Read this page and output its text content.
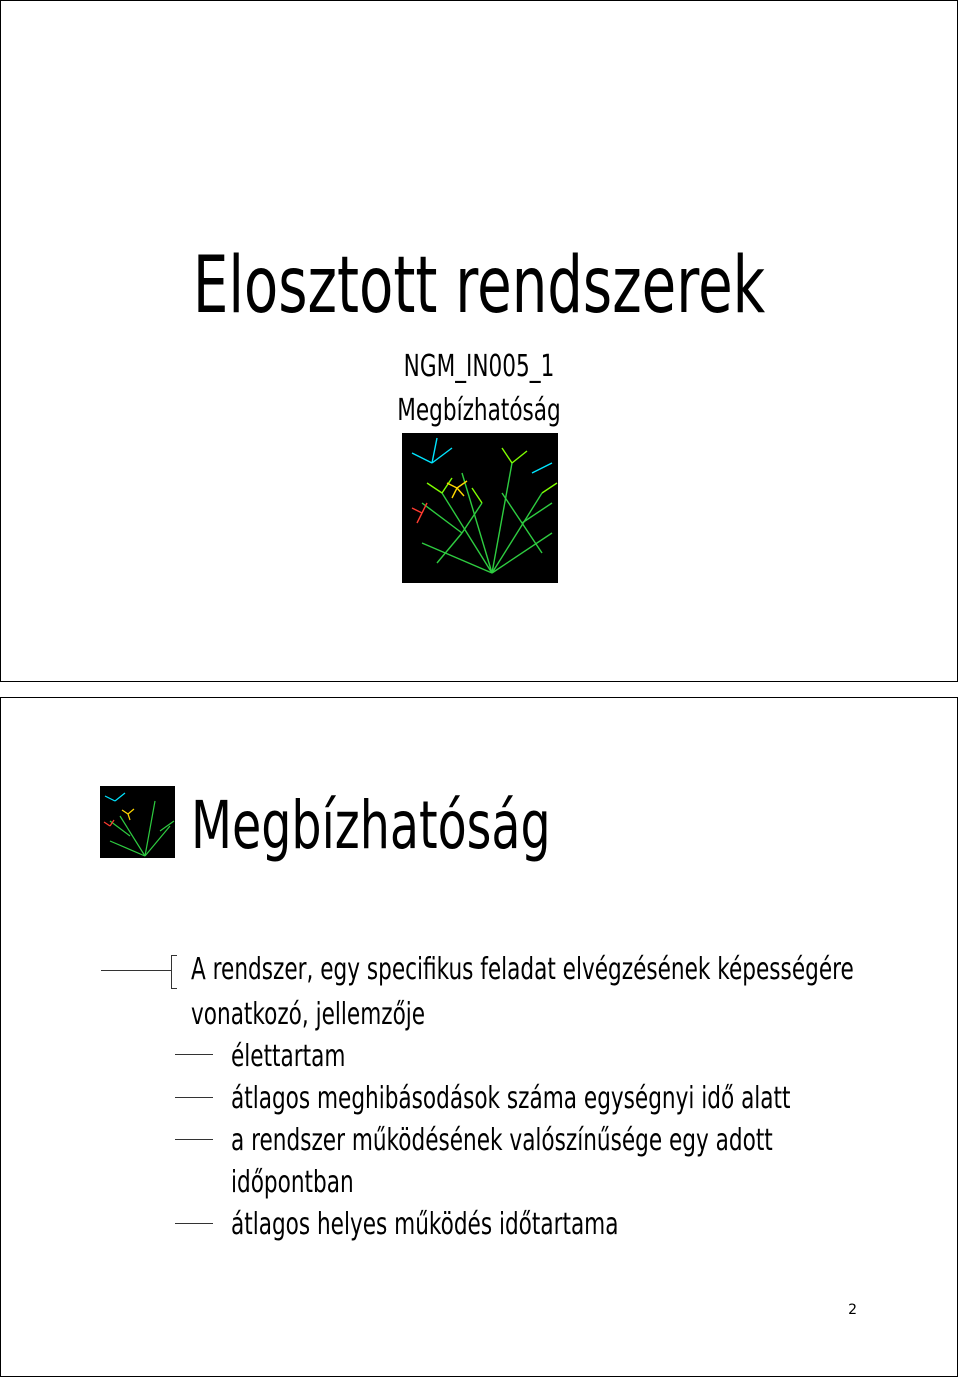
Elosztott rendszerek
NGM_IN005_1
Megbízhatóság
Megbízhatóság
A rendszer, egy specifikus feladat elvégzésének képességére
vonatkozó, jellemzője
élettartam
átlagos meghibásodások száma egységnyi idő alatt
a rendszer működésének valószínűsége egy adott
időpontban
átlagos helyes működés időtartama
2
